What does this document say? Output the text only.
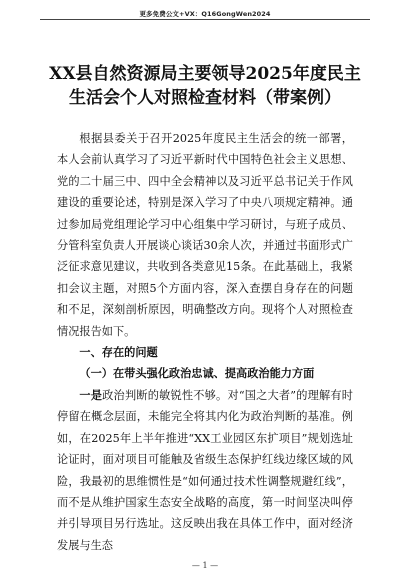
更多免费公文+VX：Q16GongWen2024
XX县自然资源局主要领导2025年度民主生活会个人对照检查材料（带案例）

根据县委关于召开2025年度民主生活会的统一部署，本人会前认真学习了习近平新时代中国特色社会主义思想、党的二十届三中、四中全会精神以及习近平总书记关于作风建设的重要论述，特别是深入学习了中央八项规定精神。通过参加局党组理论学习中心组集中学习研讨，与班子成员、分管科室负责人开展谈心谈话30余人次，并通过书面形式广泛征求意见建议，共收到各类意见15条。在此基础上，我紧扣会议主题，对照5个方面内容，深入查摆自身存在的问题和不足，深刻剖析原因，明确整改方向。现将个人对照检查情况报告如下。

一、存在的问题

（一）在带头强化政治忠诚、提高政治能力方面

一是政治判断的敏锐性不够。对“国之大者”的理解有时停留在概念层面，未能完全将其内化为政治判断的基准。例如，在2025年上半年推进“XX工业园区东扩项目”规划选址论证时，面对项目可能触及省级生态保护红线边缘区域的风险，我最初的思维惯性是“如何通过技术性调整规避红线”，而不是从维护国家生态安全战略的高度，第一时间坚决叫停并引导项目另行选址。这反映出我在具体工作中，面对经济发展与生态

— 1 —
